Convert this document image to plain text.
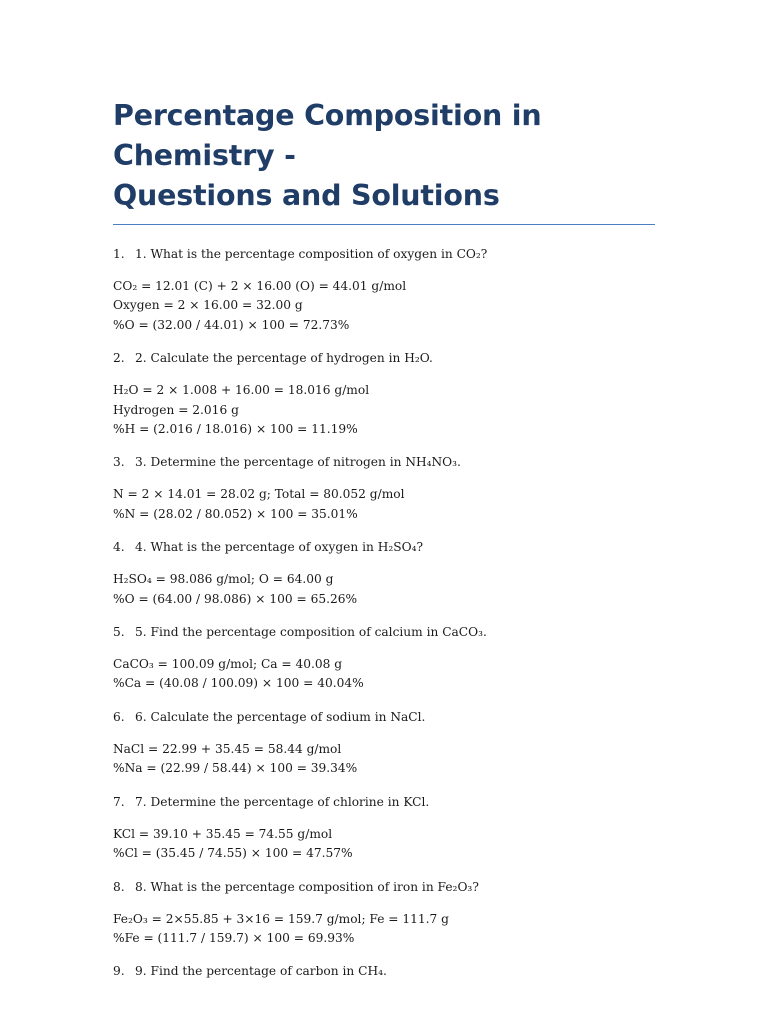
Percentage Composition in Chemistry -
Questions and Solutions
1. 1. What is the percentage composition of oxygen in CO₂?
CO₂ = 12.01 (C) + 2 × 16.00 (O) = 44.01 g/mol
Oxygen = 2 × 16.00 = 32.00 g
%O = (32.00 / 44.01) × 100 = 72.73%
2. 2. Calculate the percentage of hydrogen in H₂O.
H₂O = 2 × 1.008 + 16.00 = 18.016 g/mol
Hydrogen = 2.016 g
%H = (2.016 / 18.016) × 100 = 11.19%
3. 3. Determine the percentage of nitrogen in NH₄NO₃.
N = 2 × 14.01 = 28.02 g; Total = 80.052 g/mol
%N = (28.02 / 80.052) × 100 = 35.01%
4. 4. What is the percentage of oxygen in H₂SO₄?
H₂SO₄ = 98.086 g/mol; O = 64.00 g
%O = (64.00 / 98.086) × 100 = 65.26%
5. 5. Find the percentage composition of calcium in CaCO₃.
CaCO₃ = 100.09 g/mol; Ca = 40.08 g
%Ca = (40.08 / 100.09) × 100 = 40.04%
6. 6. Calculate the percentage of sodium in NaCl.
NaCl = 22.99 + 35.45 = 58.44 g/mol
%Na = (22.99 / 58.44) × 100 = 39.34%
7. 7. Determine the percentage of chlorine in KCl.
KCl = 39.10 + 35.45 = 74.55 g/mol
%Cl = (35.45 / 74.55) × 100 = 47.57%
8. 8. What is the percentage composition of iron in Fe₂O₃?
Fe₂O₃ = 2×55.85 + 3×16 = 159.7 g/mol; Fe = 111.7 g
%Fe = (111.7 / 159.7) × 100 = 69.93%
9. 9. Find the percentage of carbon in CH₄.
